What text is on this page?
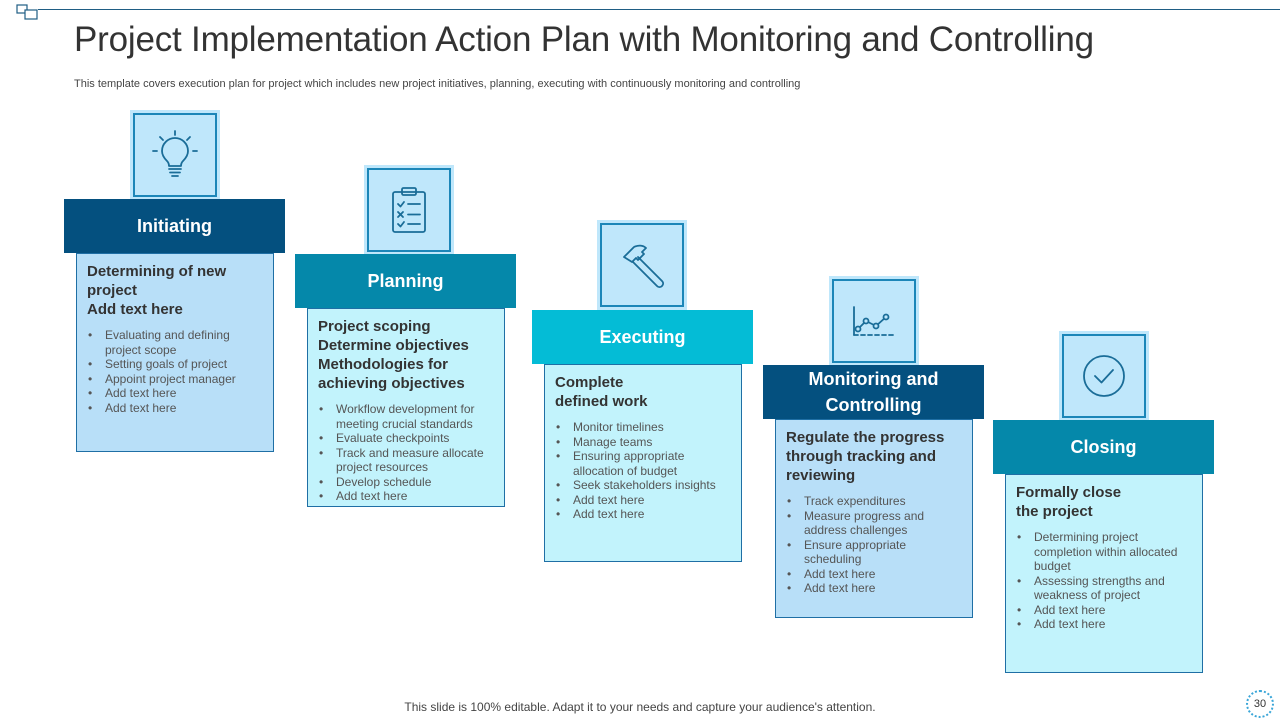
Project Implementation Action Plan with Monitoring and Controlling
This template covers execution plan for project which includes new project initiatives, planning, executing with continuously monitoring and controlling
Initiating

Determining of new project
Add text here

• Evaluating and defining project scope
• Setting goals of project
• Appoint project manager
• Add text here
• Add text here
Planning

Project scoping
Determine objectives
Methodologies for achieving objectives

• Workflow development for meeting crucial standards
• Evaluate checkpoints
• Track and measure allocate project resources
• Develop schedule
• Add text here
Executing

Complete
defined work

• Monitor timelines
• Manage teams
• Ensuring appropriate allocation of budget
• Seek stakeholders insights
• Add text here
• Add text here
Monitoring and Controlling

Regulate the progress through tracking and reviewing

• Track expenditures
• Measure progress and address challenges
• Ensure appropriate scheduling
• Add text here
• Add text here
Closing

Formally close
the project

• Determining project completion within allocated budget
• Assessing strengths and weakness of project
• Add text here
• Add text here
This slide is 100% editable. Adapt it to your needs and capture your audience's attention.	30
